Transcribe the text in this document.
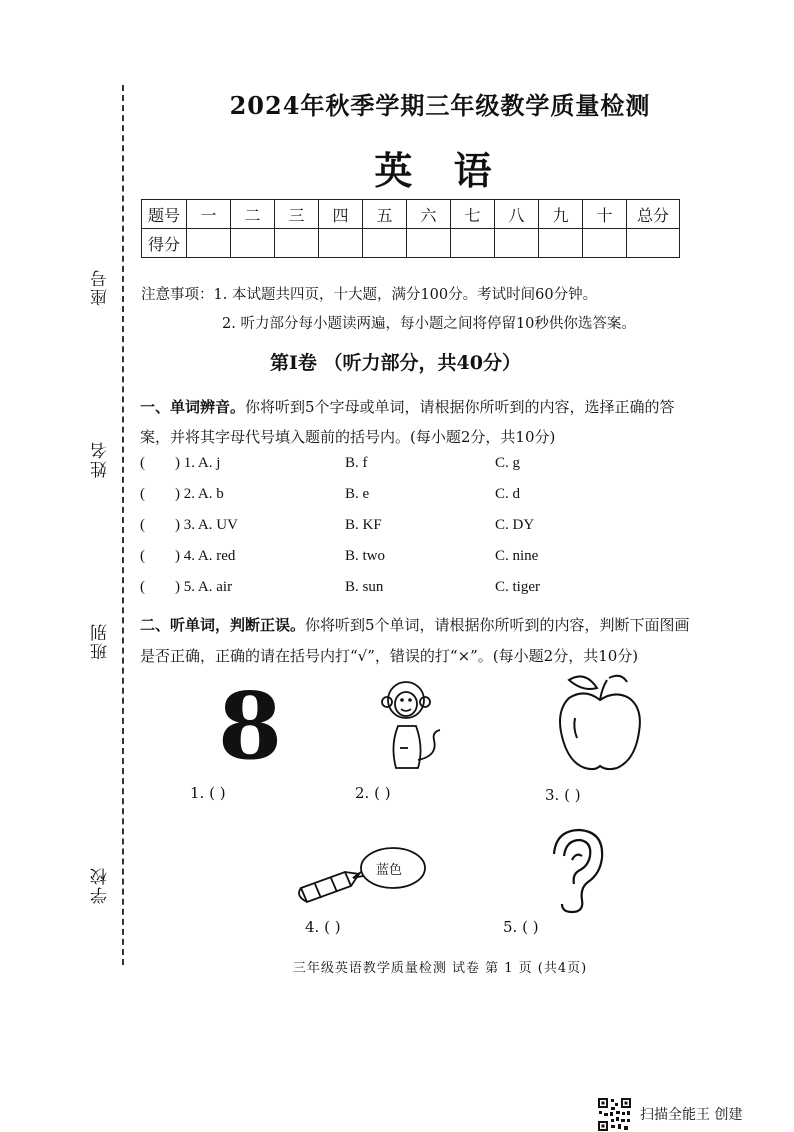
座号
姓名
班别
学校
2024年秋季学期三年级教学质量检测
英 语
题号	一	二	三	四	五	六	七	八	九	十	总分
得分											
注意事项：1. 本试题共四页，十大题，满分100分。考试时间60分钟。
2. 听力部分每小题读两遍，每小题之间将停留10秒供你选答案。
第Ⅰ卷 （听力部分，共40分）
一、单词辨音。你将听到5个字母或单词，请根据你所听到的内容，选择正确的答
案，并将其字母代号填入题前的括号内。(每小题2分，共10分)
( ) 1. A. j	B. f	C. g
( ) 2. A. b	B. e	C. d
( ) 3. A. UV	B. KF	C. DY
( ) 4. A. red	B. two	C. nine
( ) 5. A. air	B. sun	C. tiger
二、听单词，判断正误。你将听到5个单词，请根据你所听到的内容，判断下面图画
是否正确，正确的请在括号内打“√”，错误的打“×”。(每小题2分，共10分)
8
1. ( )	2. ( )	3. ( )
蓝色
4. ( )	5. ( )
三年级英语教学质量检测 试卷 第 1 页 (共4页)
扫描全能王 创建
